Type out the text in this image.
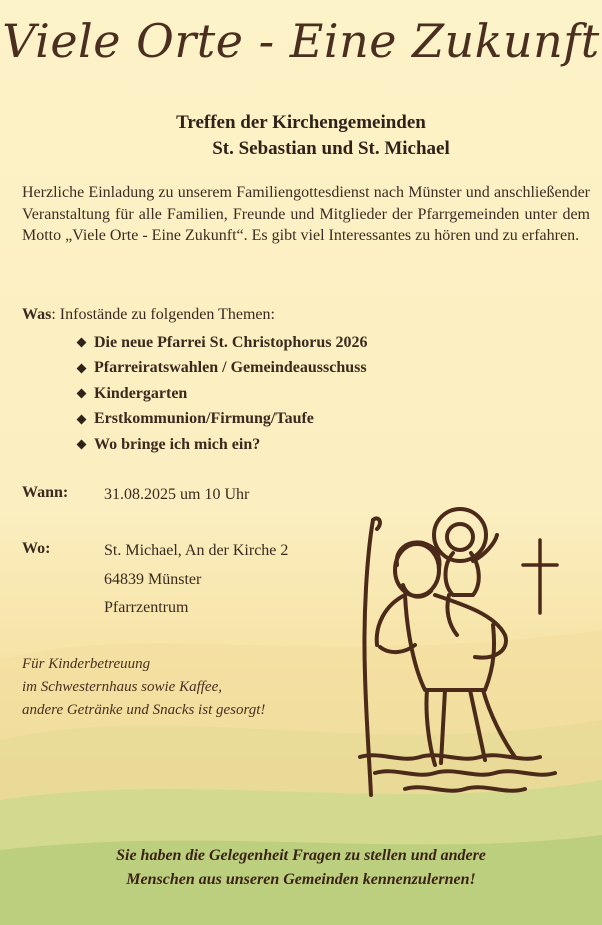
Viele Orte - Eine Zukunft
Treffen der Kirchengemeinden
St. Sebastian und St. Michael
Herzliche Einladung zu unserem Familiengottesdienst nach Münster und anschließender Veranstaltung für alle Familien, Freunde und Mitglieder der Pfarrgemeinden unter dem Motto „Viele Orte - Eine Zukunft“. Es gibt viel Interessantes zu hören und zu erfahren.
Was: Infostände zu folgenden Themen:
Die neue Pfarrei St. Christophorus 2026
Pfarreiratswahlen / Gemeindeausschuss
Kindergarten
Erstkommunion/Firmung/Taufe
Wo bringe ich mich ein?
Wann: 31.08.2025 um 10 Uhr
Wo:	St. Michael, An der Kirche 2
64839 Münster
Pfarrzentrum
Für Kinderbetreuung
im Schwesternhaus sowie Kaffee,
andere Getränke und Snacks ist gesorgt!
Sie haben die Gelegenheit Fragen zu stellen und andere
Menschen aus unseren Gemeinden kennenzulernen!
